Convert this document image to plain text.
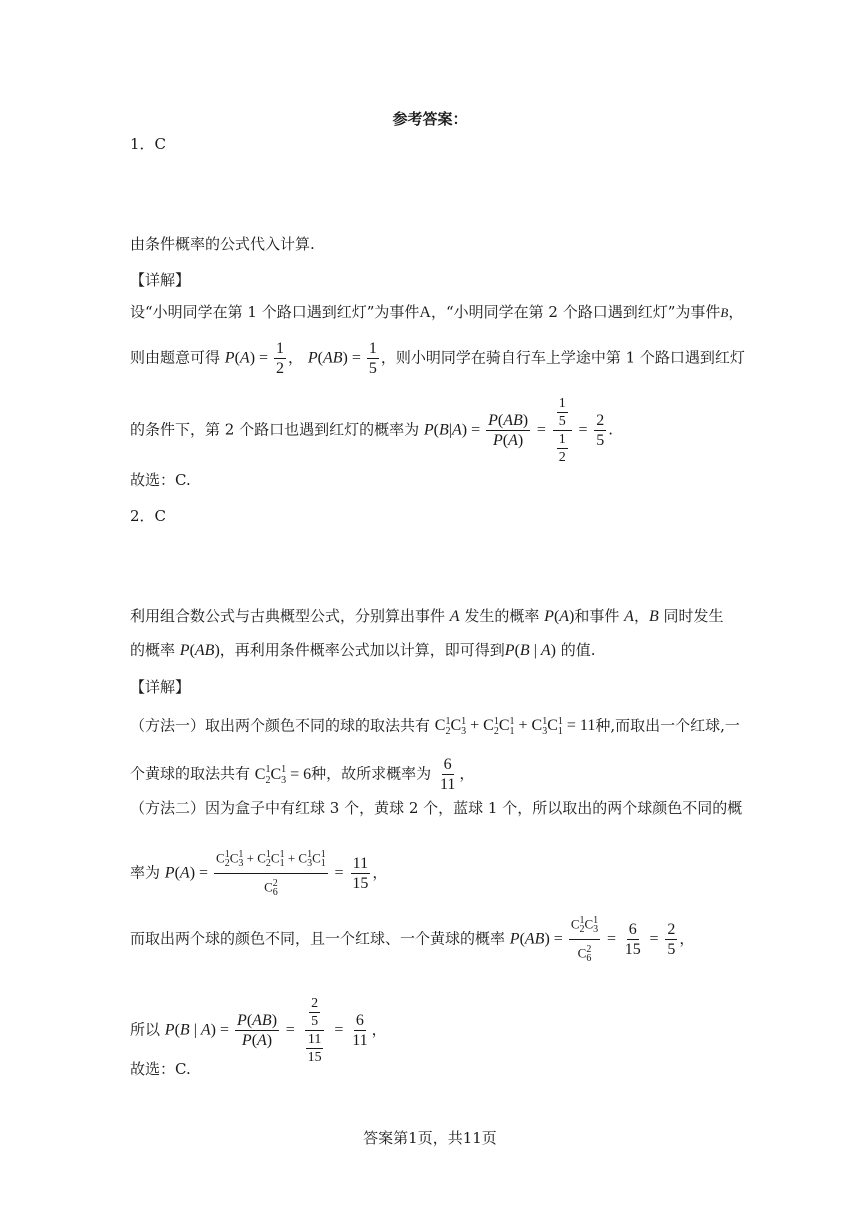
参考答案：
1．C
由条件概率的公式代入计算.
【详解】
设“小明同学在第 1 个路口遇到红灯”为事件A，“小明同学在第 2 个路口遇到红灯”为事件B，
则由题意可得 $P(A) = \frac{1}{2}$ ， $P(AB) = \frac{1}{5}$ ，则小明同学在骑自行车上学途中第 1 个路口遇到红灯
的条件下，第 2 个路口也遇到红灯的概率为 $P(B|A) = \frac{P(AB)}{P(A)} = \frac{\frac{1}{5}}{\frac{1}{2}} = \frac{2}{5}$ .
故选：C.
2．C
利用组合数公式与古典概型公式，分别算出事件 A 发生的概率 P(A)和事件 A，B 同时发生
的概率 P(AB)，再利用条件概率公式加以计算，即可得到P(B | A) 的值.
【详解】
（方法一）取出两个颜色不同的球的取法共有 $C_2^1C_3^1 + C_2^1C_1^1 + C_3^1C_1^1 = 11$种,而取出一个红球,一
个黄球的取法共有 $C_2^1C_3^1 = 6$种，故所求概率为 $\frac{6}{11}$ ，
（方法二）因为盒子中有红球 3 个，黄球 2 个，蓝球 1 个，所以取出的两个球颜色不同的概
率为 $P(A) = \frac{C_2^1C_3^1 + C_2^1C_1^1 + C_3^1C_1^1}{C_6^2} = \frac{11}{15}$ ，
而取出两个球的颜色不同，且一个红球、一个黄球的概率 $P(AB) = \frac{C_2^1C_3^1}{C_6^2} = \frac{6}{15} = \frac{2}{5}$ ，
所以 P(B | $A) = \frac{P(AB)}{P(A)} = \frac{\frac{2}{5}}{\frac{11}{15}} = \frac{6}{11}$ ，
故选：C.
答案第1页，共11页
